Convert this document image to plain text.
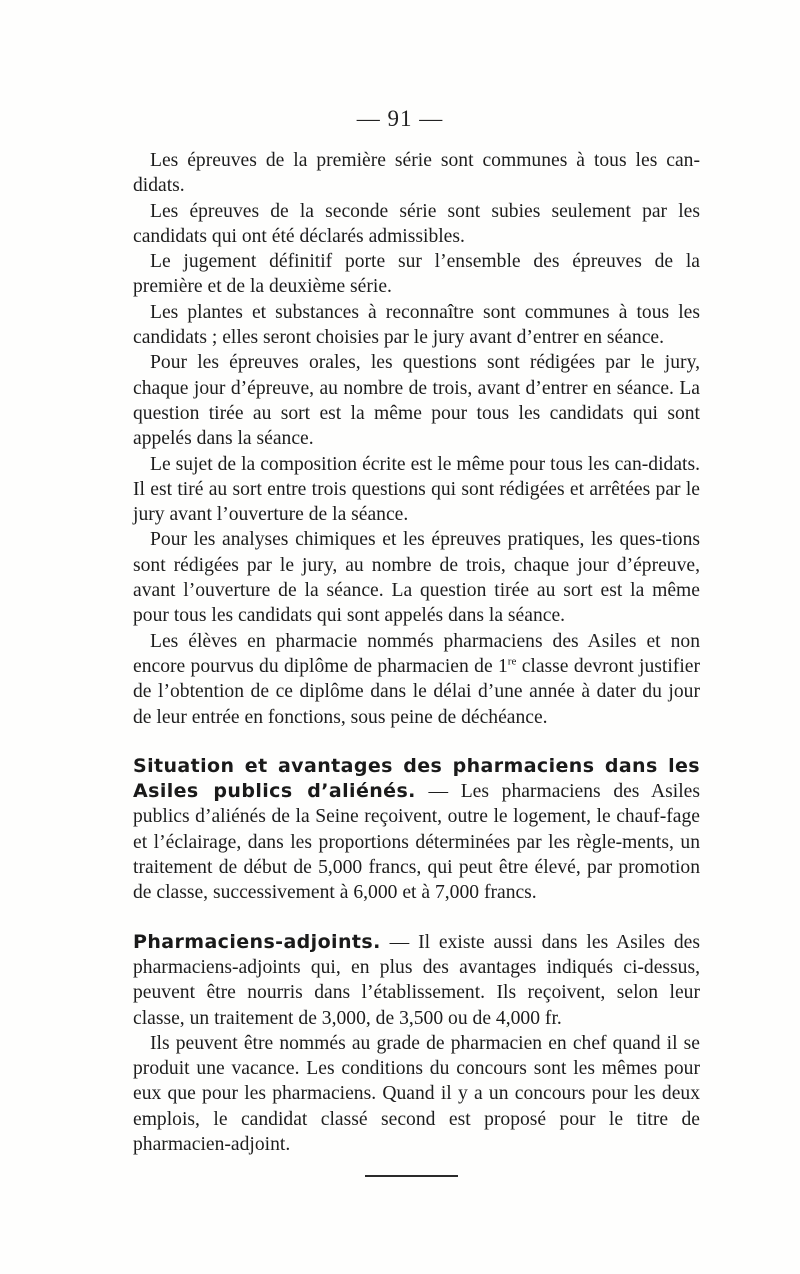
— 91 —

Les épreuves de la première série sont communes à tous les can-didats.

Les épreuves de la seconde série sont subies seulement par les candidats qui ont été déclarés admissibles.

Le jugement définitif porte sur l’ensemble des épreuves de la première et de la deuxième série.

Les plantes et substances à reconnaître sont communes à tous les candidats ; elles seront choisies par le jury avant d’entrer en séance.

Pour les épreuves orales, les questions sont rédigées par le jury, chaque jour d’épreuve, au nombre de trois, avant d’entrer en séance. La question tirée au sort est la même pour tous les candidats qui sont appelés dans la séance.

Le sujet de la composition écrite est le même pour tous les can-didats. Il est tiré au sort entre trois questions qui sont rédigées et arrêtées par le jury avant l’ouverture de la séance.

Pour les analyses chimiques et les épreuves pratiques, les ques-tions sont rédigées par le jury, au nombre de trois, chaque jour d’épreuve, avant l’ouverture de la séance. La question tirée au sort est la même pour tous les candidats qui sont appelés dans la séance.

Les élèves en pharmacie nommés pharmaciens des Asiles et non encore pourvus du diplôme de pharmacien de 1re classe devront justifier de l’obtention de ce diplôme dans le délai d’une année à dater du jour de leur entrée en fonctions, sous peine de déchéance.

Situation et avantages des pharmaciens dans les Asiles publics d’aliénés. — Les pharmaciens des Asiles publics d’aliénés de la Seine reçoivent, outre le logement, le chauf-fage et l’éclairage, dans les proportions déterminées par les règle-ments, un traitement de début de 5,000 francs, qui peut être élevé, par promotion de classe, successivement à 6,000 et à 7,000 francs.

Pharmaciens-adjoints. — Il existe aussi dans les Asiles des pharmaciens-adjoints qui, en plus des avantages indiqués ci-dessus, peuvent être nourris dans l’établissement. Ils reçoivent, selon leur classe, un traitement de 3,000, de 3,500 ou de 4,000 fr.

Ils peuvent être nommés au grade de pharmacien en chef quand il se produit une vacance. Les conditions du concours sont les mêmes pour eux que pour les pharmaciens. Quand il y a un concours pour les deux emplois, le candidat classé second est proposé pour le titre de pharmacien-adjoint.
